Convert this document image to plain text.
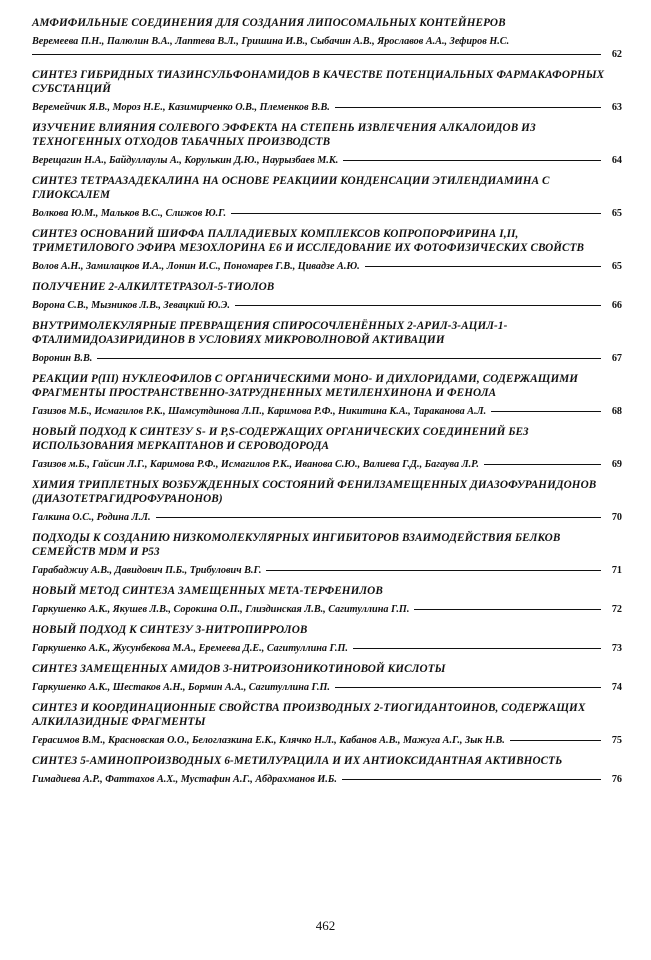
АМФИФИЛЬНЫЕ СОЕДИНЕНИЯ ДЛЯ СОЗДАНИЯ ЛИПОСОМАЛЬНЫХ КОНТЕЙНЕРОВ
Веремеева П.Н., Палюлин В.А., Лаптева В.Л., Гришина И.В., Сыбачин А.В., Ярославов А.А., Зефиров Н.С.
62
СИНТЕЗ ГИБРИДНЫХ ТИАЗИНСУЛЬФОНАМИДОВ В КАЧЕСТВЕ ПОТЕНЦИАЛЬНЫХ ФАРМАКАФОРНЫХ СУБСТАНЦИЙ
Веремейчик Я.В., Мороз Н.Е., Казимирченко О.В., Племенков В.В.	63
ИЗУЧЕНИЕ ВЛИЯНИЯ СОЛЕВОГО ЭФФЕКТА НА СТЕПЕНЬ ИЗВЛЕЧЕНИЯ АЛКАЛОИДОВ ИЗ ТЕХНОГЕННЫХ ОТХОДОВ ТАБАЧНЫХ ПРОИЗВОДСТВ
Верещагин Н.А., Байдуллаулы А., Корулькин Д.Ю., Наурызбаев М.К.	64
СИНТЕЗ ТЕТРААЗАДЕКАЛИНА НА ОСНОВЕ РЕАКЦИИИ КОНДЕНСАЦИИ ЭТИЛЕНДИАМИНА С ГЛИОКСАЛЕМ
Волкова Ю.М., Мальков В.С., Слижов Ю.Г.	65
СИНТЕЗ ОСНОВАНИЙ ШИФФА ПАЛЛАДИЕВЫХ КОМПЛЕКСОВ КОПРОПОРФИРИНА I,II, ТРИМЕТИЛОВОГО ЭФИРА МЕЗОХЛОРИНА Е6 И ИССЛЕДОВАНИЕ ИХ ФОТОФИЗИЧЕСКИХ СВОЙСТВ
Волов А.Н., Замилацков И.А., Лонин И.С., Пономарев Г.В., Цивадзе А.Ю.	65
ПОЛУЧЕНИЕ 2-АЛКИЛТЕТРАЗОЛ-5-ТИОЛОВ
Ворона С.В., Мызников Л.В., Зевацкий Ю.Э.	66
ВНУТРИМОЛЕКУЛЯРНЫЕ ПРЕВРАЩЕНИЯ СПИРОСОЧЛЕНЁННЫХ 2-АРИЛ-3-АЦИЛ-1-ФТАЛИМИДОАЗИРИДИНОВ В УСЛОВИЯХ МИКРОВОЛНОВОЙ АКТИВАЦИИ
Воронин В.В.	67
РЕАКЦИИ Р(III) НУКЛЕОФИЛОВ С ОРГАНИЧЕСКИМИ МОНО- И ДИХЛОРИДАМИ, СОДЕРЖАЩИМИ ФРАГМЕНТЫ ПРОСТРАНСТВЕННО-ЗАТРУДНЕННЫХ МЕТИЛЕНХИНОНА И ФЕНОЛА
Газизов М.Б., Исмагилов Р.К., Шамсутдинова Л.П., Каримова Р.Ф., Никитина К.А., Тараканова А.Л.	68
НОВЫЙ ПОДХОД К СИНТЕЗУ S- И P,S-СОДЕРЖАЩИХ ОРГАНИЧЕСКИХ СОЕДИНЕНИЙ БЕЗ ИСПОЛЬЗОВАНИЯ МЕРКАПТАНОВ И СЕРОВОДОРОДА
Газизов м.Б., Гайсин Л.Г., Каримова Р.Ф., Исмагилов Р.К., Иванова С.Ю., Валиева Г.Д., Багаува Л.Р.	69
ХИМИЯ ТРИПЛЕТНЫХ ВОЗБУЖДЕННЫХ СОСТОЯНИЙ ФЕНИЛЗАМЕЩЕННЫХ ДИАЗОФУРАНИДОНОВ (ДИАЗОТЕТРАГИДРОФУРАНОНОВ)
Галкина О.С., Родина Л.Л.	70
ПОДХОДЫ К СОЗДАНИЮ НИЗКОМОЛЕКУЛЯРНЫХ ИНГИБИТОРОВ ВЗАИМОДЕЙСТВИЯ БЕЛКОВ СЕМЕЙСТВ MDM И P53
Гарабаджиу А.В., Давидович П.Б., Трибулович В.Г.	71
НОВЫЙ МЕТОД СИНТЕЗА ЗАМЕЩЕННЫХ МЕТА-ТЕРФЕНИЛОВ
Гаркушенко А.К., Якушев Л.В., Сорокина О.П., Глиздинская Л.В., Сагитуллина Г.П.	72
НОВЫЙ ПОДХОД К СИНТЕЗУ 3-НИТРОПИРРОЛОВ
Гаркушенко А.К., Жусунбекова М.А., Еремеева Д.Е., Сагитуллина Г.П.	73
СИНТЕЗ ЗАМЕЩЕННЫХ АМИДОВ 3-НИТРОИЗОНИКОТИНОВОЙ КИСЛОТЫ
Гаркушенко А.К., Шестаков А.Н., Бормин А.А., Сагитуллина Г.П.	74
СИНТЕЗ И КООРДИНАЦИОННЫЕ СВОЙСТВА ПРОИЗВОДНЫХ 2-ТИОГИДАНТОИНОВ, СОДЕРЖАЩИХ АЛКИЛАЗИДНЫЕ ФРАГМЕНТЫ
Герасимов В.М., Красновская О.О., Белоглазкина Е.К., Клячко Н.Л., Кабанов А.В., Мажуга А.Г., Зык Н.В.	75
СИНТЕЗ 5-АМИНОПРОИЗВОДНЫХ 6-МЕТИЛУРАЦИЛА И ИХ АНТИОКСИДАНТНАЯ АКТИВНОСТЬ
Гимадиева А.Р., Фаттахов А.Х., Мустафин А.Г., Абдрахманов И.Б.	76
462
